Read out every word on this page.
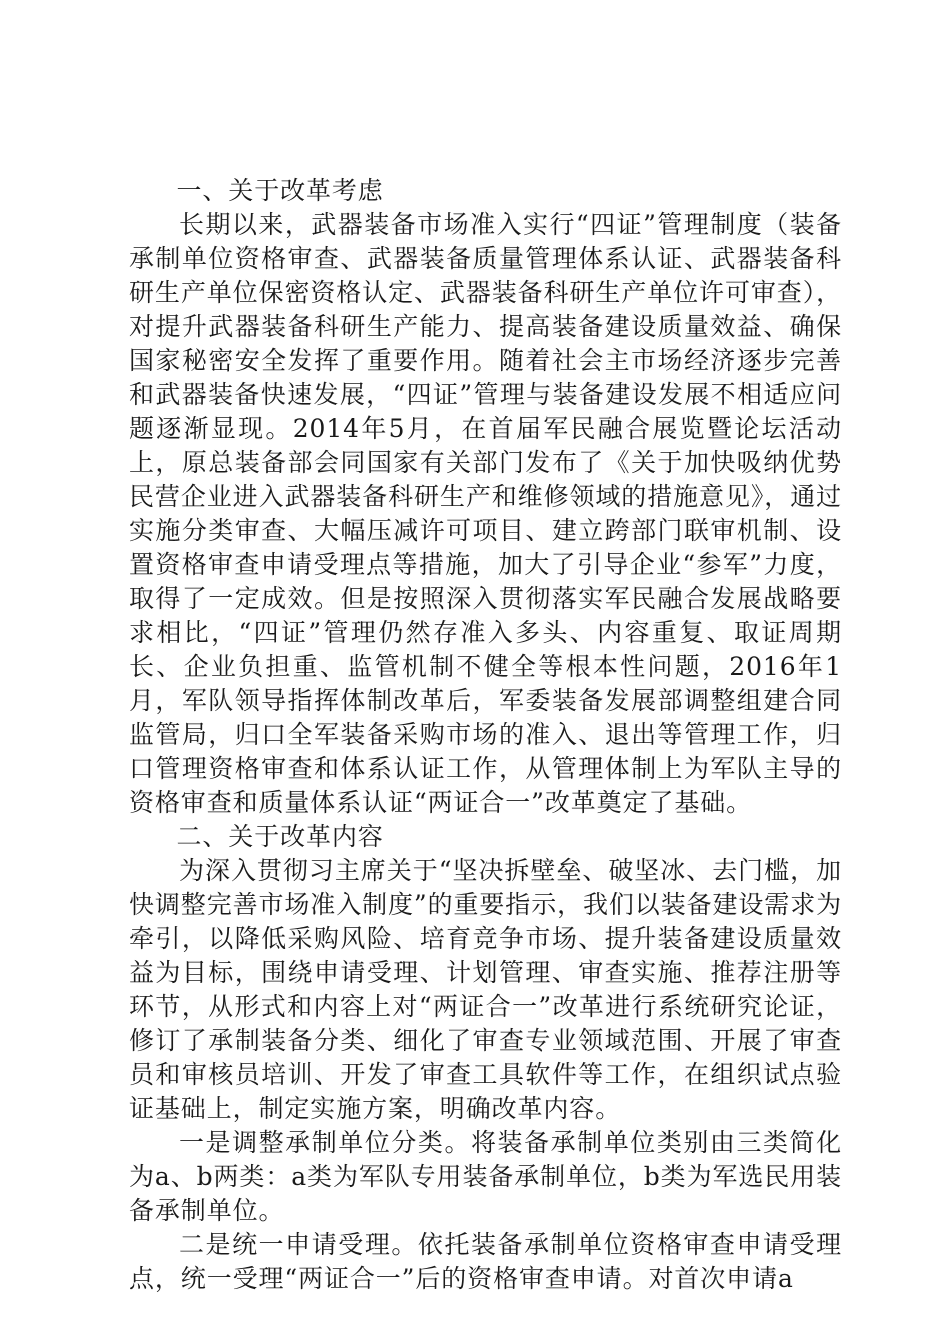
一、关于改革考虑

长期以来，武器装备市场准入实行“四证”管理制度（装备承制单位资格审查、武器装备质量管理体系认证、武器装备科研生产单位保密资格认定、武器装备科研生产单位许可审查），对提升武器装备科研生产能力、提高装备建设质量效益、确保国家秘密安全发挥了重要作用。随着社会主市场经济逐步完善和武器装备快速发展，“四证”管理与装备建设发展不相适应问题逐渐显现。2014年5月，在首届军民融合展览暨论坛活动上，原总装备部会同国家有关部门发布了《关于加快吸纳优势民营企业进入武器装备科研生产和维修领域的措施意见》，通过实施分类审查、大幅压减许可项目、建立跨部门联审机制、设置资格审查申请受理点等措施，加大了引导企业“参军”力度，取得了一定成效。但是按照深入贯彻落实军民融合发展战略要求相比，“四证”管理仍然存准入多头、内容重复、取证周期长、企业负担重、监管机制不健全等根本性问题，2016年1月，军队领导指挥体制改革后，军委装备发展部调整组建合同监管局，归口全军装备采购市场的准入、退出等管理工作，归口管理资格审查和体系认证工作，从管理体制上为军队主导的资格审查和质量体系认证“两证合一”改革奠定了基础。

二、关于改革内容

为深入贯彻习主席关于“坚决拆壁垒、破坚冰、去门槛，加快调整完善市场准入制度”的重要指示，我们以装备建设需求为牵引，以降低采购风险、培育竞争市场、提升装备建设质量效益为目标，围绕申请受理、计划管理、审查实施、推荐注册等环节，从形式和内容上对“两证合一”改革进行系统研究论证，修订了承制装备分类、细化了审查专业领域范围、开展了审查员和审核员培训、开发了审查工具软件等工作，在组织试点验证基础上，制定实施方案，明确改革内容。

一是调整承制单位分类。将装备承制单位类别由三类简化为a、b两类：a类为军队专用装备承制单位，b类为军选民用装备承制单位。

二是统一申请受理。依托装备承制单位资格审查申请受理点，统一受理“两证合一”后的资格审查申请。对首次申请a
